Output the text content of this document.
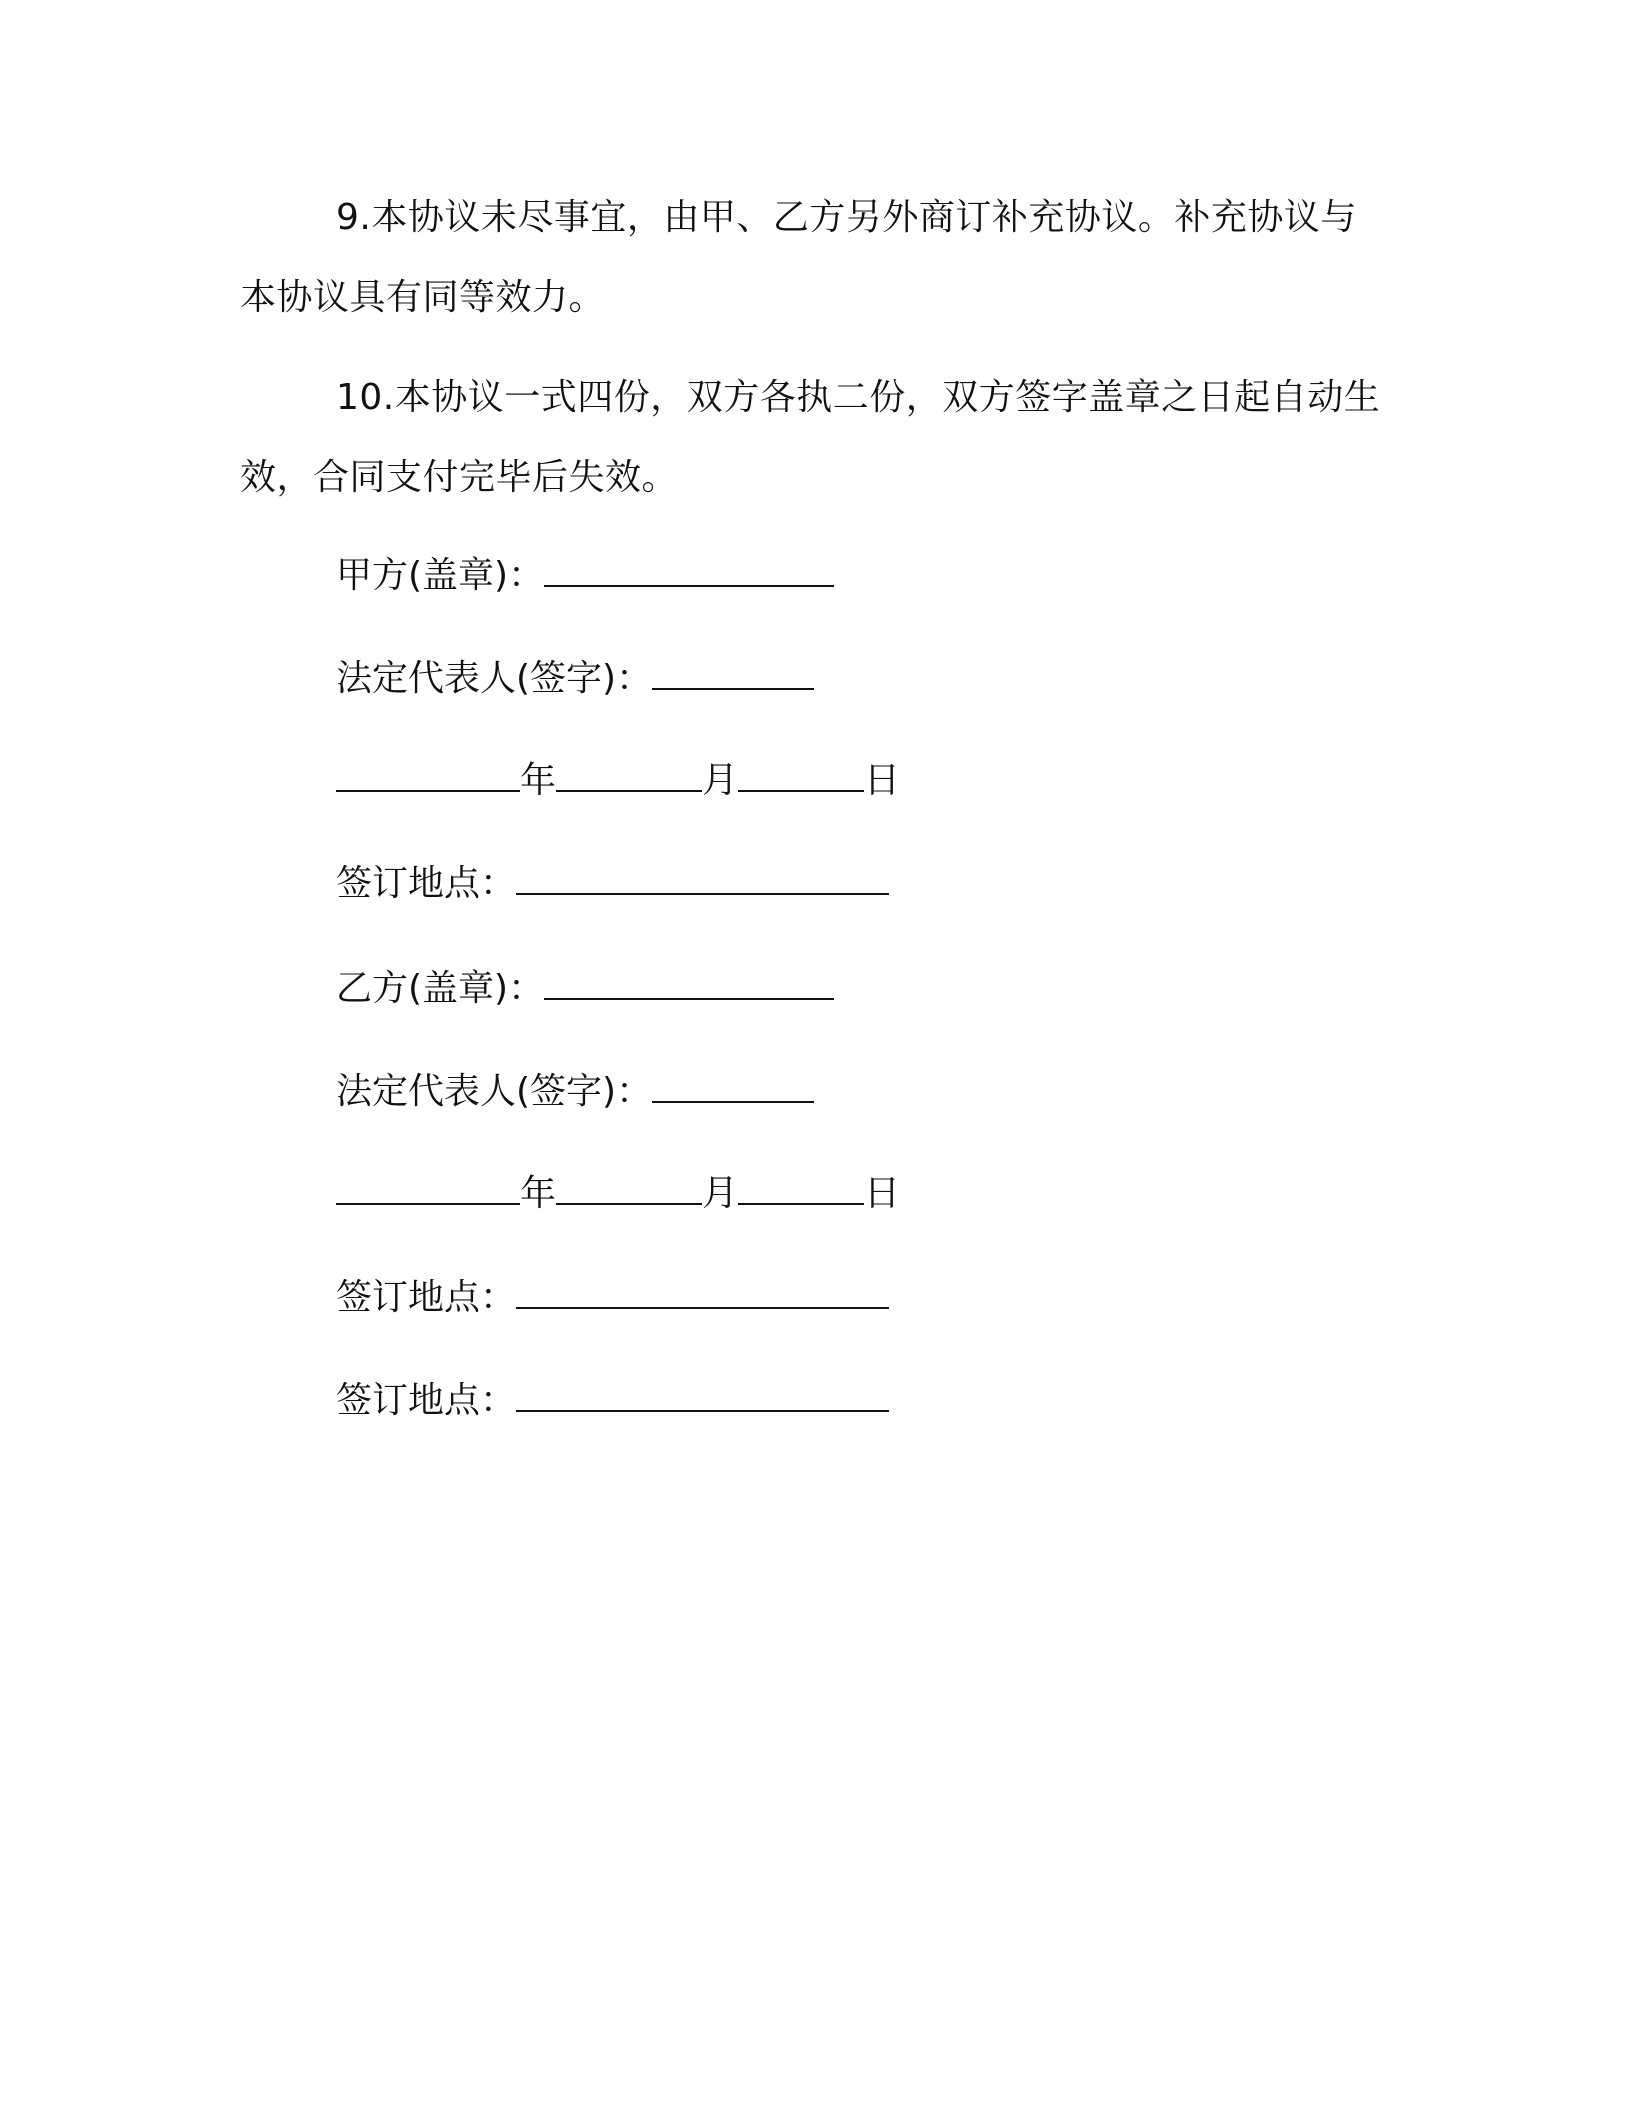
9.本协议未尽事宜，由甲、乙方另外商订补充协议。补充协议与本协议具有同等效力。

10.本协议一式四份，双方各执二份，双方签字盖章之日起自动生效，合同支付完毕后失效。

甲方(盖章)：
法定代表人(签字)：
年	月	日
签订地点：
乙方(盖章)：
法定代表人(签字)：
年	月	日
签订地点：
签订地点：
